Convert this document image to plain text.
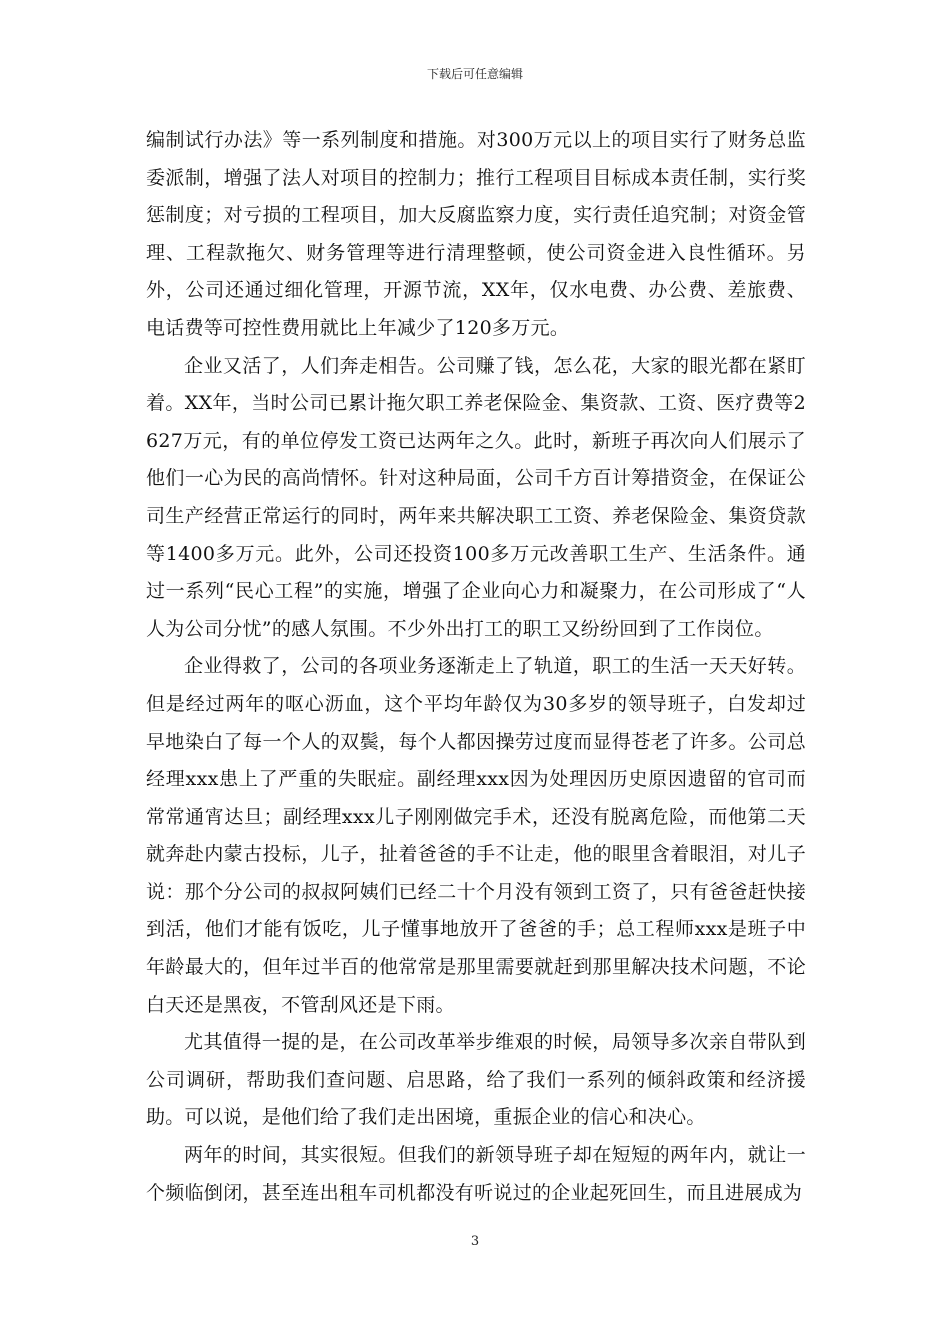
下载后可任意编辑

编制试行办法》等一系列制度和措施。对300万元以上的项目实行了财务总监委派制，增强了法人对项目的控制力；推行工程项目目标成本责任制，实行奖惩制度；对亏损的工程项目，加大反腐监察力度，实行责任追究制；对资金管理、工程款拖欠、财务管理等进行清理整顿，使公司资金进入良性循环。另外，公司还通过细化管理，开源节流，XX年，仅水电费、办公费、差旅费、电话费等可控性费用就比上年减少了120多万元。

企业又活了，人们奔走相告。公司赚了钱，怎么花，大家的眼光都在紧盯着。XX年，当时公司已累计拖欠职工养老保险金、集资款、工资、医疗费等2627万元，有的单位停发工资已达两年之久。此时，新班子再次向人们展示了他们一心为民的高尚情怀。针对这种局面，公司千方百计筹措资金，在保证公司生产经营正常运行的同时，两年来共解决职工工资、养老保险金、集资贷款等1400多万元。此外，公司还投资100多万元改善职工生产、生活条件。通过一系列“民心工程”的实施，增强了企业向心力和凝聚力，在公司形成了“人人为公司分忧”的感人氛围。不少外出打工的职工又纷纷回到了工作岗位。

企业得救了，公司的各项业务逐渐走上了轨道，职工的生活一天天好转。但是经过两年的呕心沥血，这个平均年龄仅为30多岁的领导班子，白发却过早地染白了每一个人的双鬓，每个人都因操劳过度而显得苍老了许多。公司总经理xxx患上了严重的失眠症。副经理xxx因为处理因历史原因遗留的官司而常常通宵达旦；副经理xxx儿子刚刚做完手术，还没有脱离危险，而他第二天就奔赴内蒙古投标，儿子，扯着爸爸的手不让走，他的眼里含着眼泪，对儿子说：那个分公司的叔叔阿姨们已经二十个月没有领到工资了，只有爸爸赶快接到活，他们才能有饭吃，儿子懂事地放开了爸爸的手；总工程师xxx是班子中年龄最大的，但年过半百的他常常是那里需要就赶到那里解决技术问题，不论白天还是黑夜，不管刮风还是下雨。

尤其值得一提的是，在公司改革举步维艰的时候，局领导多次亲自带队到公司调研，帮助我们查问题、启思路，给了我们一系列的倾斜政策和经济援助。可以说，是他们给了我们走出困境，重振企业的信心和决心。

两年的时间，其实很短。但我们的新领导班子却在短短的两年内，就让一个频临倒闭，甚至连出租车司机都没有听说过的企业起死回生，而且进展成为

3
